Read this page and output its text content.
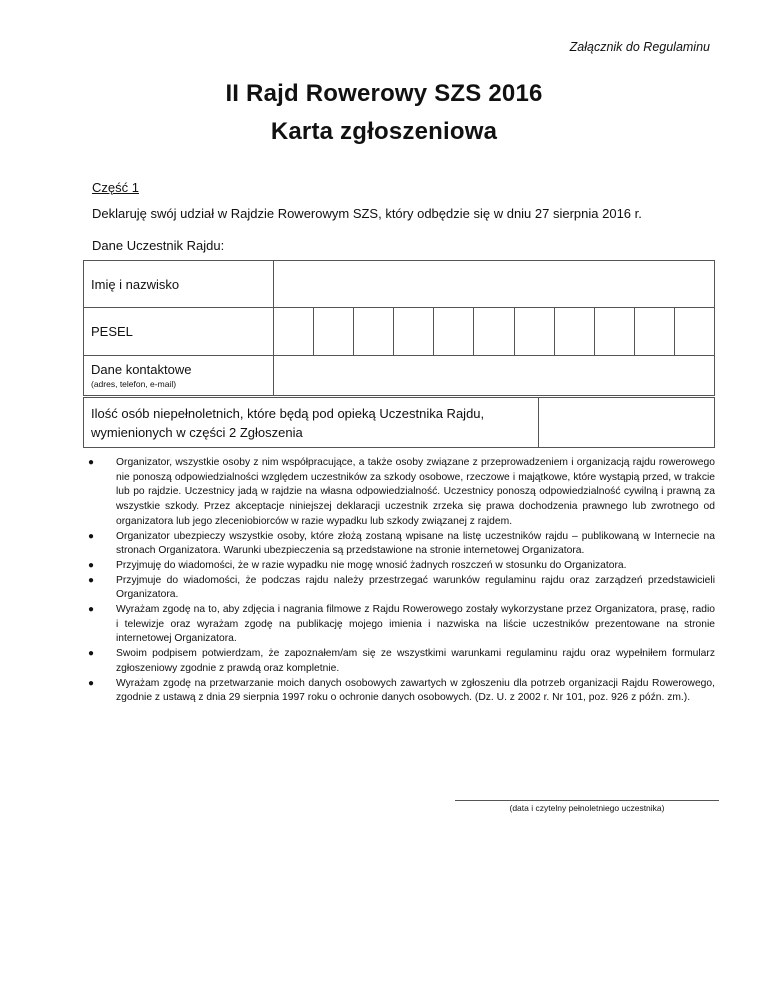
Załącznik do Regulaminu
II Rajd Rowerowy SZS 2016
Karta zgłoszeniowa
Część 1
Deklaruję swój udział w Rajdzie Rowerowym SZS, który odbędzie się w dniu 27 sierpnia 2016 r.
Dane Uczestnik Rajdu:
Imię i nazwisko	
PESEL	

Dane kontaktowe
(adres, telefon, e-mail)	

Ilość osób niepełnoletnich, które będą pod opieką Uczestnika Rajdu, wymienionych w części 2 Zgłoszenia	
● Organizator, wszystkie osoby z nim współpracujące, a także osoby związane z przeprowadzeniem i organizacją rajdu rowerowego nie ponoszą odpowiedzialności względem uczestników za szkody osobowe, rzeczowe i majątkowe, które wystąpią przed, w trakcie lub po rajdzie. Uczestnicy jadą w rajdzie na własna odpowiedzialność. Uczestnicy ponoszą odpowiedzialność cywilną i prawną za wszystkie szkody. Przez akceptacje niniejszej deklaracji uczestnik zrzeka się prawa dochodzenia prawnego lub zwrotnego od organizatora lub jego zleceniobiorców w razie wypadku lub szkody związanej z rajdem.
● Organizator ubezpieczy wszystkie osoby, które złożą zostaną wpisane na listę uczestników rajdu – publikowaną w Internecie na stronach Organizatora. Warunki ubezpieczenia są przedstawione na stronie internetowej Organizatora.
● Przyjmuję do wiadomości, że w razie wypadku nie mogę wnosić żadnych roszczeń w stosunku do Organizatora.
● Przyjmuje do wiadomości, że podczas rajdu należy przestrzegać warunków regulaminu rajdu oraz zarządzeń przedstawicieli Organizatora.
● Wyrażam zgodę na to, aby zdjęcia i nagrania filmowe z Rajdu Rowerowego zostały wykorzystane przez Organizatora, prasę, radio i telewizje oraz wyrażam zgodę na publikację mojego imienia i nazwiska na liście uczestników prezentowane na stronie internetowej Organizatora.
● Swoim podpisem potwierdzam, że zapoznałem/am się ze wszystkimi warunkami regulaminu rajdu oraz wypełniłem formularz zgłoszeniowy zgodnie z prawdą oraz kompletnie.
● Wyrażam zgodę na przetwarzanie moich danych osobowych zawartych w zgłoszeniu dla potrzeb organizacji Rajdu Rowerowego, zgodnie z ustawą z dnia 29 sierpnia 1997 roku o ochronie danych osobowych. (Dz. U. z 2002 r. Nr 101, poz. 926 z późn. zm.).
(data i czytelny pełnoletniego uczestnika)
